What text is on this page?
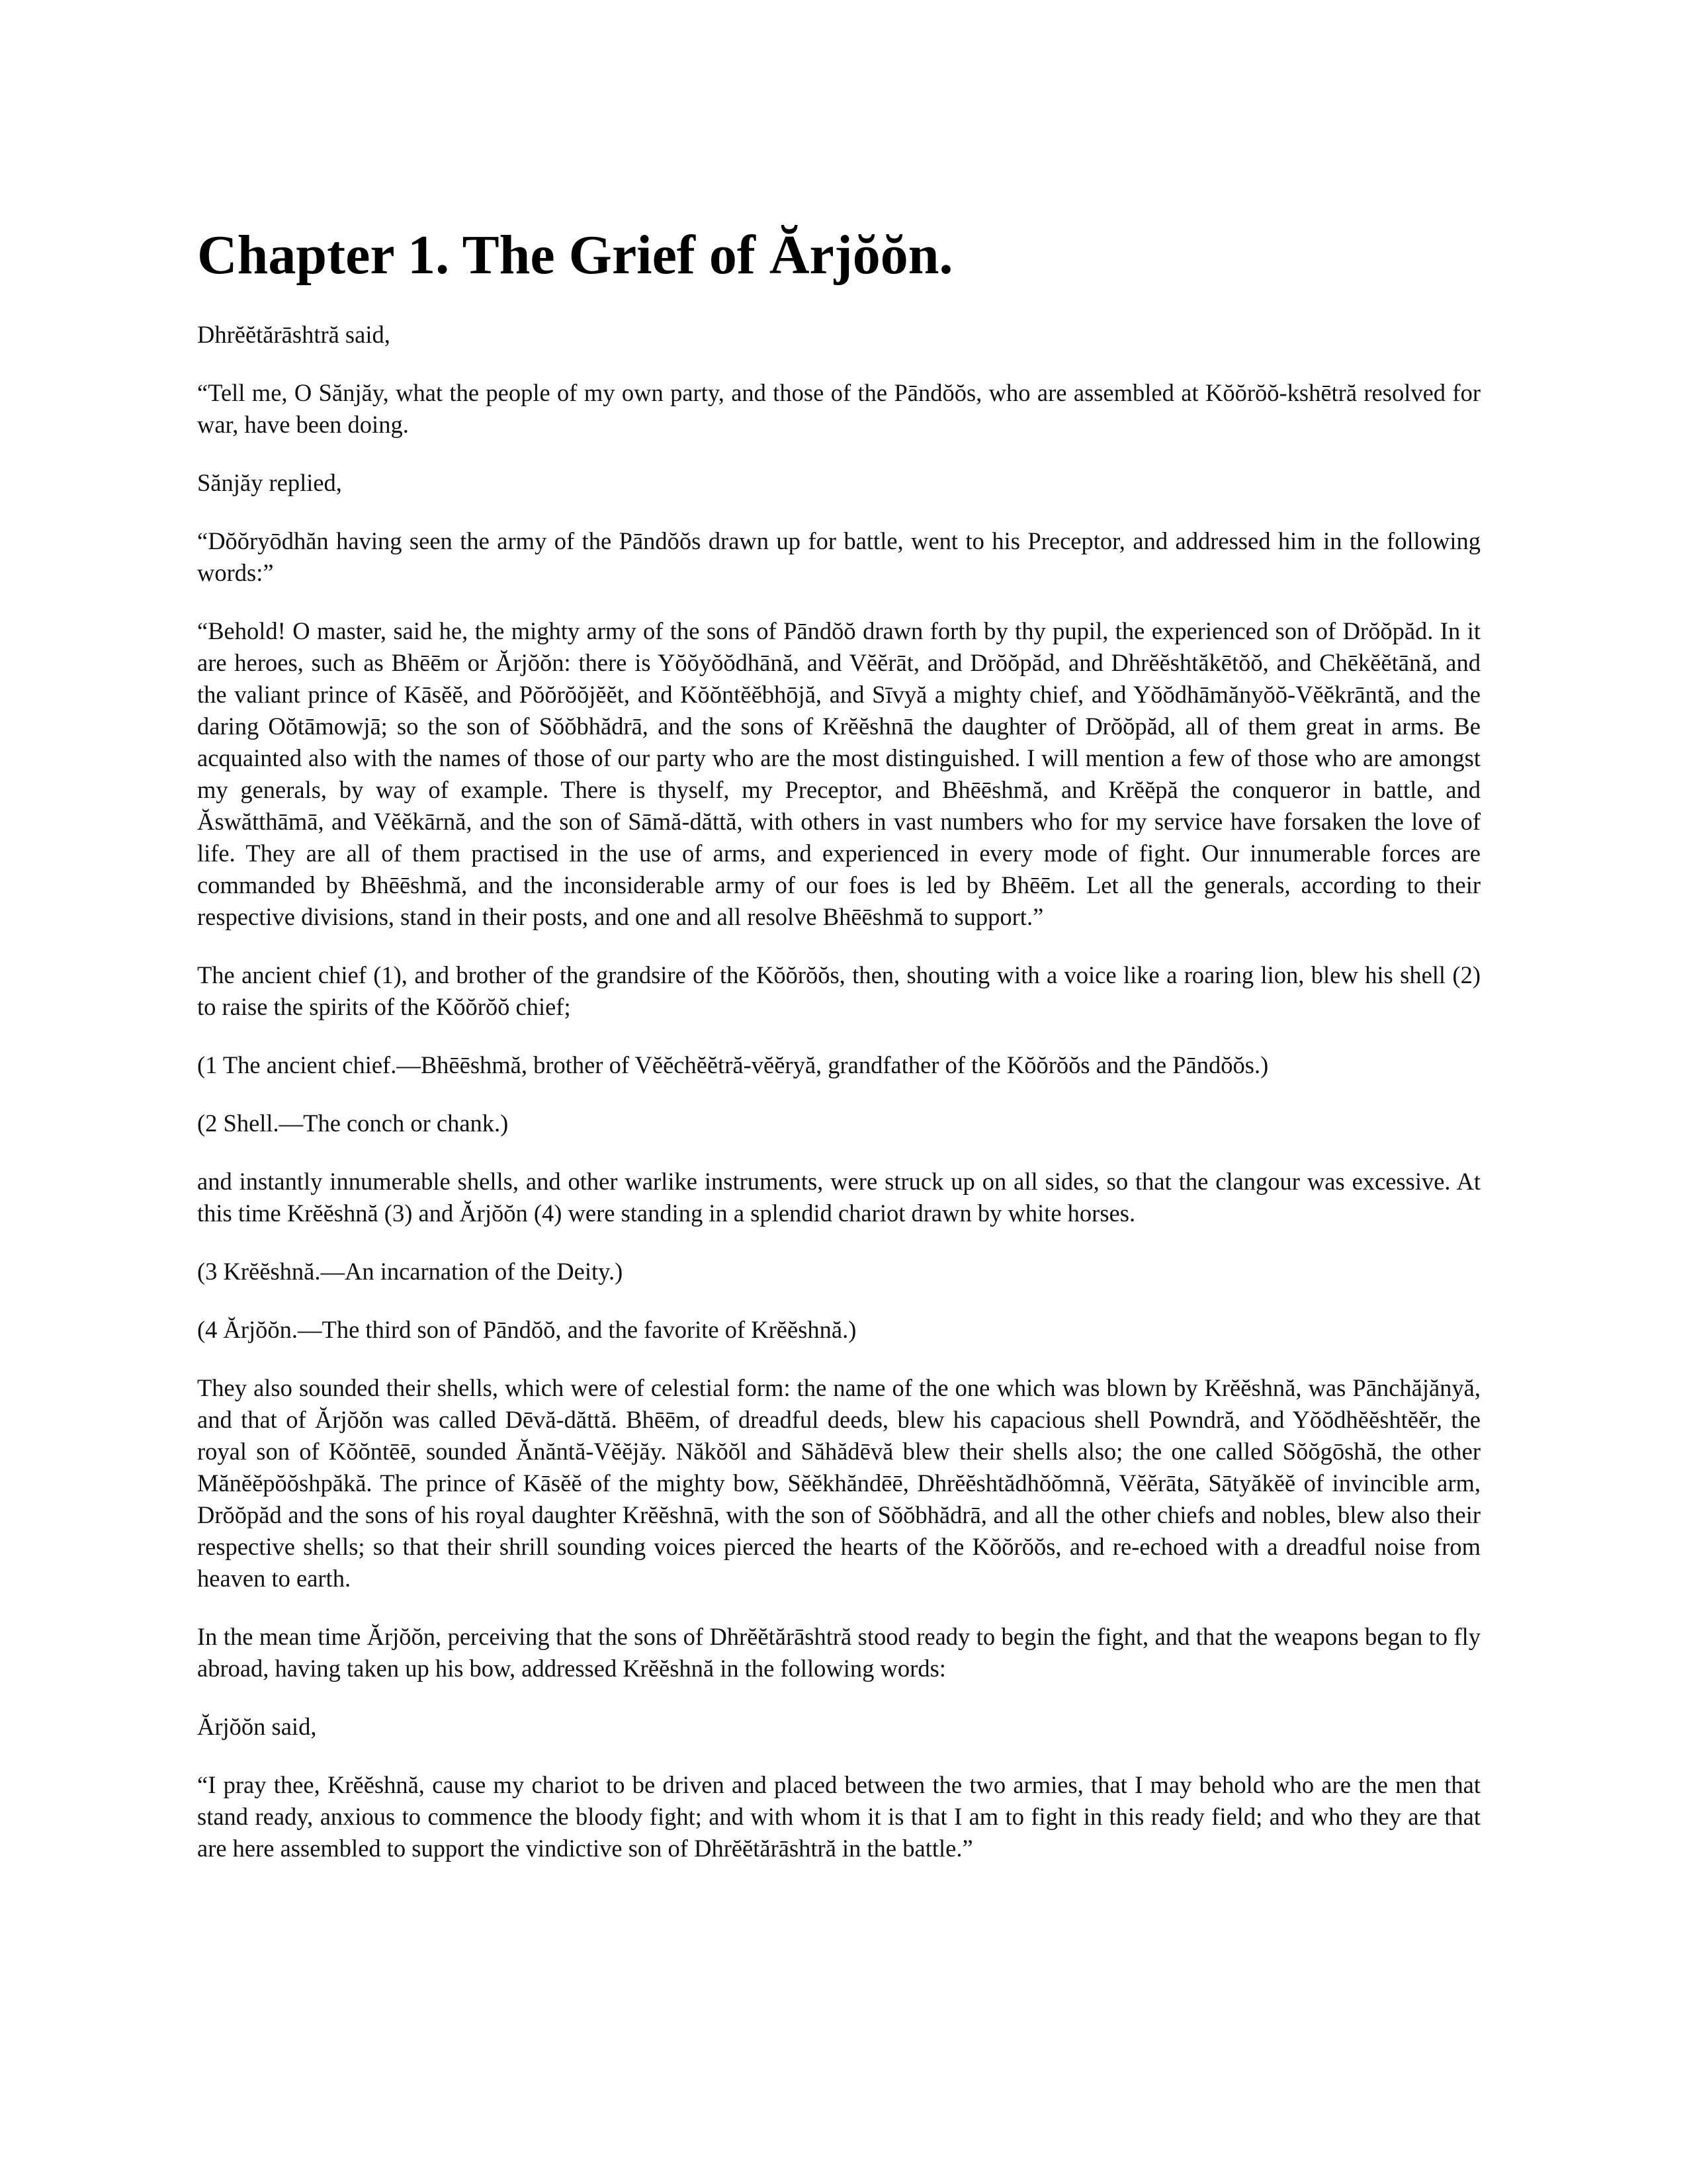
Chapter 1. The Grief of Ărjŏŏn.

Dhrĕĕtărāshtră said,

“Tell me, O Sănjăy, what the people of my own party, and those of the Pāndŏŏs, who are assembled at Kŏŏrŏŏ-kshētră resolved for war, have been doing.

Sănjăy replied,

“Dŏŏryōdhăn having seen the army of the Pāndŏŏs drawn up for battle, went to his Preceptor, and addressed him in the following words:”

“Behold! O master, said he, the mighty army of the sons of Pāndŏŏ drawn forth by thy pupil, the experienced son of Drŏŏpăd. In it are heroes, such as Bhēēm or Ărjŏŏn: there is Yŏŏyŏŏdhānă, and Vĕĕrāt, and Drŏŏpăd, and Dhrĕĕshtăkētŏŏ, and Chēkĕĕtānă, and the valiant prince of Kāsĕĕ, and Pŏŏrŏŏjĕĕt, and Kŏŏntĕĕbhōjă, and Sīvyă a mighty chief, and Yŏŏdhāmănyŏŏ-Vĕĕkrāntă, and the daring Oŏtāmowjā; so the son of Sŏŏbhădrā, and the sons of Krĕĕshnā the daughter of Drŏŏpăd, all of them great in arms. Be acquainted also with the names of those of our party who are the most distinguished. I will mention a few of those who are amongst my generals, by way of example. There is thyself, my Preceptor, and Bhēēshmă, and Krĕĕpă the conqueror in battle, and Ăswătthāmā, and Vĕĕkārnă, and the son of Sāmă-dăttă, with others in vast numbers who for my service have forsaken the love of life. They are all of them practised in the use of arms, and experienced in every mode of fight. Our innumerable forces are commanded by Bhēēshmă, and the inconsiderable army of our foes is led by Bhēēm. Let all the generals, according to their respective divisions, stand in their posts, and one and all resolve Bhēēshmă to support.”

The ancient chief (1), and brother of the grandsire of the Kŏŏrŏŏs, then, shouting with a voice like a roaring lion, blew his shell (2) to raise the spirits of the Kŏŏrŏŏ chief;

(1 The ancient chief.—Bhēēshmă, brother of Vĕĕchĕĕtră-vĕĕryă, grandfather of the Kŏŏrŏŏs and the Pāndŏŏs.)

(2 Shell.—The conch or chank.)

and instantly innumerable shells, and other warlike instruments, were struck up on all sides, so that the clangour was excessive. At this time Krĕĕshnă (3) and Ărjŏŏn (4) were standing in a splendid chariot drawn by white horses.

(3 Krĕĕshnă.—An incarnation of the Deity.)

(4 Ărjŏŏn.—The third son of Pāndŏŏ, and the favorite of Krĕĕshnă.)

They also sounded their shells, which were of celestial form: the name of the one which was blown by Krĕĕshnă, was Pānchăjănyă, and that of Ărjŏŏn was called Dēvă-dăttă. Bhēēm, of dreadful deeds, blew his capacious shell Powndră, and Yŏŏdhĕĕshtĕĕr, the royal son of Kŏŏntēē, sounded Ănăntă-Vĕĕjăy. Năkŏŏl and Săhădēvă blew their shells also; the one called Sŏŏgōshă, the other Mănĕĕpŏŏshpăkă. The prince of Kāsĕĕ of the mighty bow, Sĕĕkhăndēē, Dhrĕĕshtădhŏŏmnă, Vĕĕrāta, Sātyăkĕĕ of invincible arm, Drŏŏpăd and the sons of his royal daughter Krĕĕshnā, with the son of Sŏŏbhădrā, and all the other chiefs and nobles, blew also their respective shells; so that their shrill sounding voices pierced the hearts of the Kŏŏrŏŏs, and re-echoed with a dreadful noise from heaven to earth.

In the mean time Ărjŏŏn, perceiving that the sons of Dhrĕĕtărāshtră stood ready to begin the fight, and that the weapons began to fly abroad, having taken up his bow, addressed Krĕĕshnă in the following words:

Ărjŏŏn said,

“I pray thee, Krĕĕshnă, cause my chariot to be driven and placed between the two armies, that I may behold who are the men that stand ready, anxious to commence the bloody fight; and with whom it is that I am to fight in this ready field; and who they are that are here assembled to support the vindictive son of Dhrĕĕtărāshtră in the battle.”
